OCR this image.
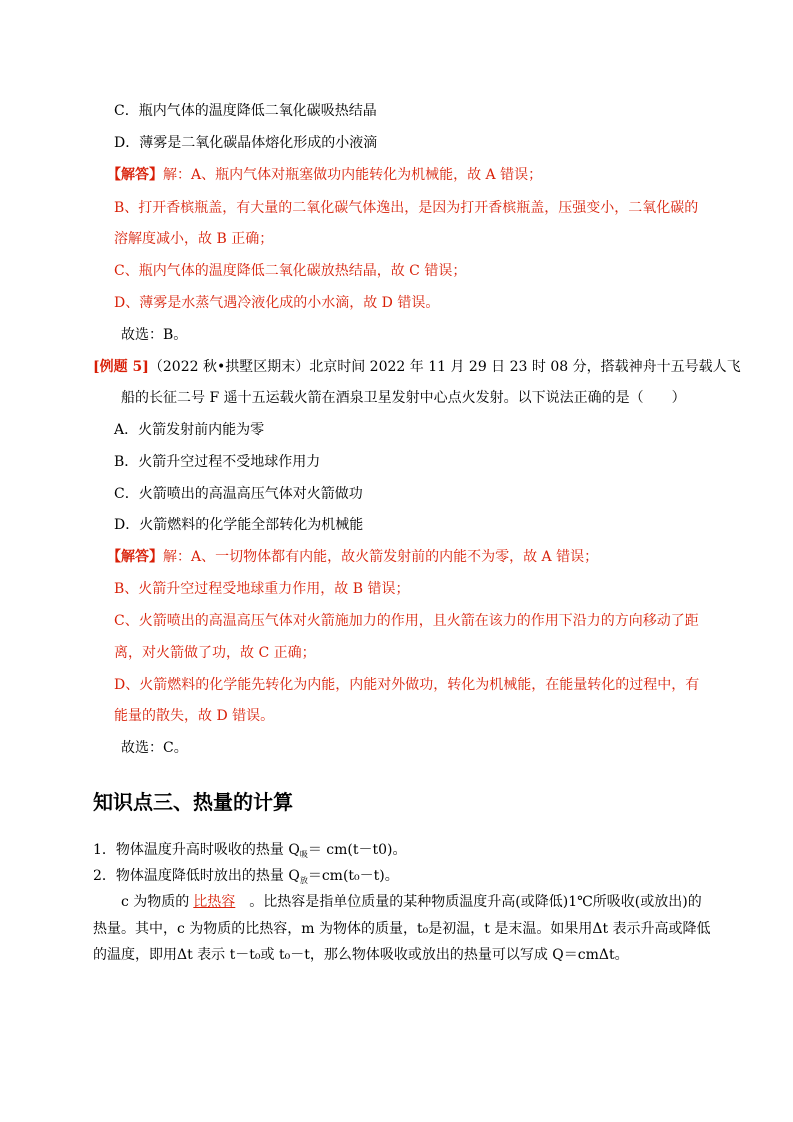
C．瓶内气体的温度降低二氧化碳吸热结晶
D．薄雾是二氧化碳晶体熔化形成的小液滴
【解答】解：A、瓶内气体对瓶塞做功内能转化为机械能，故 A 错误；
B、打开香槟瓶盖，有大量的二氧化碳气体逸出，是因为打开香槟瓶盖，压强变小，二氧化碳的
溶解度减小，故 B 正确；
C、瓶内气体的温度降低二氧化碳放热结晶，故 C 错误；
D、薄雾是水蒸气遇冷液化成的小水滴，故 D 错误。
故选：B。
[例题 5]（2022 秋•拱墅区期末）北京时间 2022 年 11 月 29 日 23 时 08 分，搭载神舟十五号载人飞
船的长征二号 F 遥十五运载火箭在酒泉卫星发射中心点火发射。以下说法正确的是（　　）
A．火箭发射前内能为零
B．火箭升空过程不受地球作用力
C．火箭喷出的高温高压气体对火箭做功
D．火箭燃料的化学能全部转化为机械能
【解答】解：A、一切物体都有内能，故火箭发射前的内能不为零，故 A 错误；
B、火箭升空过程受地球重力作用，故 B 错误；
C、火箭喷出的高温高压气体对火箭施加力的作用，且火箭在该力的作用下沿力的方向移动了距
离，对火箭做了功，故 C 正确；
D、火箭燃料的化学能先转化为内能，内能对外做功，转化为机械能，在能量转化的过程中，有
能量的散失，故 D 错误。
故选：C。
知识点三、热量的计算
1．物体温度升高时吸收的热量 $Q_吸= cm(t-t0)$。
2．物体温度降低时放出的热量 $Q_放=cm(t_0-t)$。
c 为物质的 比热容 。比热容是指单位质量的某种物质温度升高(或降低)1℃所吸收(或放出)的
热量。其中，c 为物质的比热容，m 为物体的质量，t₀是初温，t 是末温。如果用Δt 表示升高或降低
的温度，即用Δt 表示 t－t₀或 t₀－t，那么物体吸收或放出的热量可以写成 Q＝cmΔt。
